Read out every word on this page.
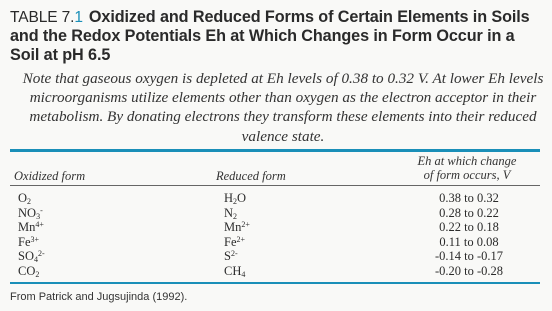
TABLE 7.1 Oxidized and Reduced Forms of Certain Elements in Soils and the Redox Potentials Eh at Which Changes in Form Occur in a Soil at pH 6.5
Note that gaseous oxygen is depleted at Eh levels of 0.38 to 0.32 V. At lower Eh levels microorganisms utilize elements other than oxygen as the electron acceptor in their metabolism. By donating electrons they transform these elements into their reduced valence state.
Oxidized form	Reduced form
Eh at which change
of form occurs, V
$O_2$
$NO_3^-$
$Mn^{4+}$
$Fe^{3+}$
$SO_4^{2-}$
$CO_2$
$H_2O$
$N_2$
$Mn^{2+}$
$Fe^{2+}$
$S^{2-}$
$CH_4$
0.38 to 0.32
0.28 to 0.22
0.22 to 0.18
0.11 to 0.08
-0.14 to -0.17
-0.20 to -0.28
From Patrick and Jugsujinda (1992).
